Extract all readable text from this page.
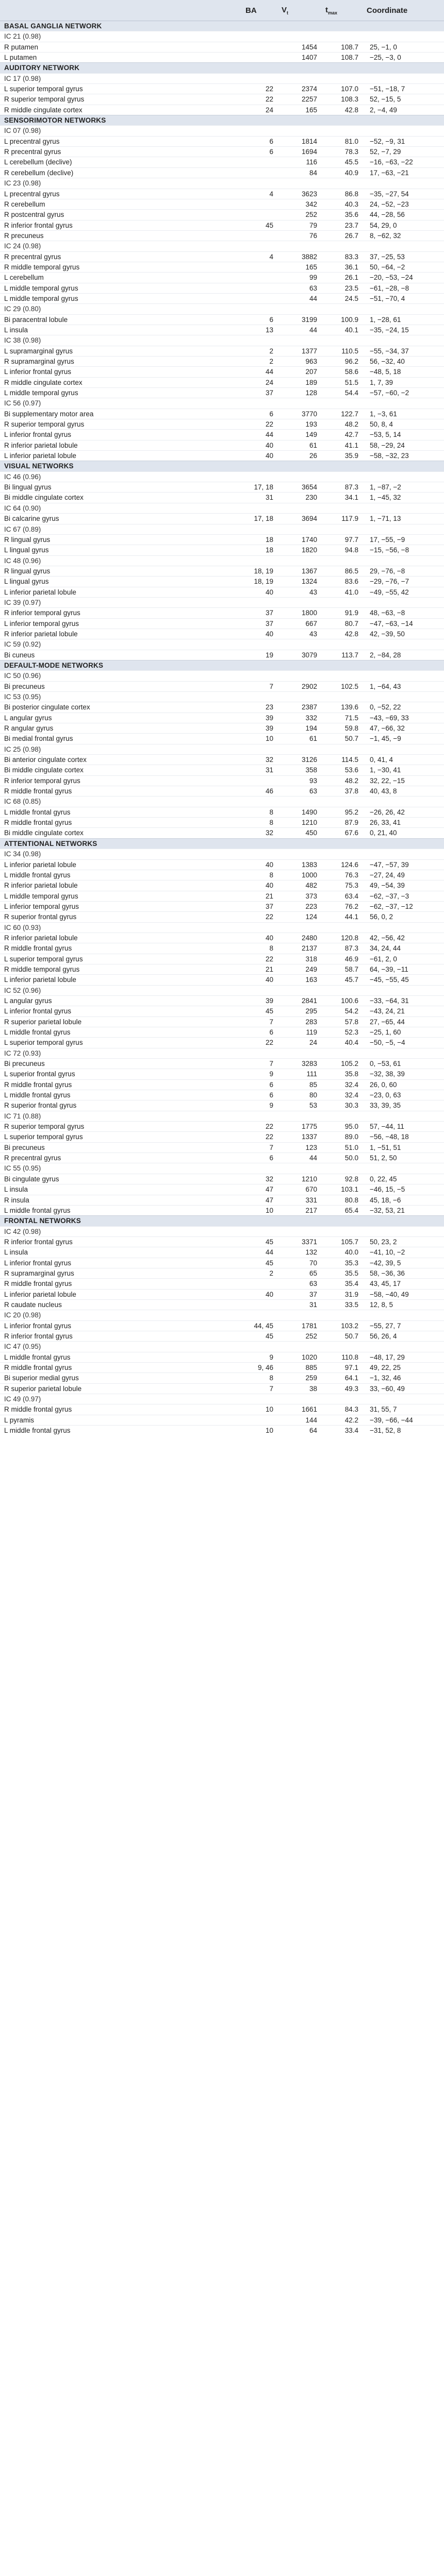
	BA	$V_t$	$t_{max}$	Coordinate
BASAL GANGLIA NETWORK				
IC 21 (0.98)				
R putamen		1454	108.7	25, −1, 0
L putamen		1407	108.7	−25, −3, 0
AUDITORY NETWORK				
IC 17 (0.98)				
L superior temporal gyrus	22	2374	107.0	−51, −18, 7
R superior temporal gyrus	22	2257	108.3	52, −15, 5
R middle cingulate cortex	24	165	42.8	2, −4, 49
SENSORIMOTOR NETWORKS				
IC 07 (0.98)				
L precentral gyrus	6	1814	81.0	−52, −9, 31
R precentral gyrus	6	1694	78.3	52, −7, 29
L cerebellum (declive)		116	45.5	−16, −63, −22
R cerebellum (declive)		84	40.9	17, −63, −21
IC 23 (0.98)				
L precentral gyrus	4	3623	86.8	−35, −27, 54
R cerebellum		342	40.3	24, −52, −23
R postcentral gyrus		252	35.6	44, −28, 56
R inferior frontal gyrus	45	79	23.7	54, 29, 0
R precuneus		76	26.7	8, −62, 32
IC 24 (0.98)				
R precentral gyrus	4	3882	83.3	37, −25, 53
R middle temporal gyrus		165	36.1	50, −64, −2
L cerebellum		99	26.1	−20, −53, −24
L middle temporal gyrus		63	23.5	−61, −28, −8
L middle temporal gyrus		44	24.5	−51, −70, 4
IC 29 (0.80)				
Bi paracentral lobule	6	3199	100.9	1, −28, 61
L insula	13	44	40.1	−35, −24, 15
IC 38 (0.98)				
L supramarginal gyrus	2	1377	110.5	−55, −34, 37
R supramarginal gyrus	2	963	96.2	56, −32, 40
L inferior frontal gyrus	44	207	58.6	−48, 5, 18
R middle cingulate cortex	24	189	51.5	1, 7, 39
L middle temporal gyrus	37	128	54.4	−57, −60, −2
IC 56 (0.97)				
Bi supplementary motor area	6	3770	122.7	1, −3, 61
R superior temporal gyrus	22	193	48.2	50, 8, 4
L inferior frontal gyrus	44	149	42.7	−53, 5, 14
R inferior parietal lobule	40	61	41.1	58, −29, 24
L inferior parietal lobule	40	26	35.9	−58, −32, 23
VISUAL NETWORKS				
IC 46 (0.96)				
Bi lingual gyrus	17, 18	3654	87.3	1, −87, −2
Bi middle cingulate cortex	31	230	34.1	1, −45, 32
IC 64 (0.90)				
Bi calcarine gyrus	17, 18	3694	117.9	1, −71, 13
IC 67 (0.89)				
R lingual gyrus	18	1740	97.7	17, −55, −9
L lingual gyrus	18	1820	94.8	−15, −56, −8
IC 48 (0.96)				
R lingual gyrus	18, 19	1367	86.5	29, −76, −8
L lingual gyrus	18, 19	1324	83.6	−29, −76, −7
L inferior parietal lobule	40	43	41.0	−49, −55, 42
IC 39 (0.97)				
R inferior temporal gyrus	37	1800	91.9	48, −63, −8
L inferior temporal gyrus	37	667	80.7	−47, −63, −14
R inferior parietal lobule	40	43	42.8	42, −39, 50
IC 59 (0.92)				
Bi cuneus	19	3079	113.7	2, −84, 28
DEFAULT-MODE NETWORKS				
IC 50 (0.96)				
Bi precuneus	7	2902	102.5	1, −64, 43
IC 53 (0.95)				
Bi posterior cingulate cortex	23	2387	139.6	0, −52, 22
L angular gyrus	39	332	71.5	−43, −69, 33
R angular gyrus	39	194	59.8	47, −66, 32
Bi medial frontal gyrus	10	61	50.7	−1, 45, −9
IC 25 (0.98)				
Bi anterior cingulate cortex	32	3126	114.5	0, 41, 4
Bi middle cingulate cortex	31	358	53.6	1, −30, 41
R inferior temporal gyrus		93	48.2	32, 22, −15
R middle frontal gyrus	46	63	37.8	40, 43, 8
IC 68 (0.85)				
L middle frontal gyrus	8	1490	95.2	−26, 26, 42
R middle frontal gyrus	8	1210	87.9	26, 33, 41
Bi middle cingulate cortex	32	450	67.6	0, 21, 40
ATTENTIONAL NETWORKS				
IC 34 (0.98)				
L inferior parietal lobule	40	1383	124.6	−47, −57, 39
L middle frontal gyrus	8	1000	76.3	−27, 24, 49
R inferior parietal lobule	40	482	75.3	49, −54, 39
L middle temporal gyrus	21	373	63.4	−62, −37, −3
L inferior temporal gyrus	37	223	76.2	−62, −37, −12
R superior frontal gyrus	22	124	44.1	56, 0, 2
IC 60 (0.93)				
R inferior parietal lobule	40	2480	120.8	42, −56, 42
R middle frontal gyrus	8	2137	87.3	34, 24, 44
L superior temporal gyrus	22	318	46.9	−61, 2, 0
R middle temporal gyrus	21	249	58.7	64, −39, −11
L inferior parietal lobule	40	163	45.7	−45, −55, 45
IC 52 (0.96)				
L angular gyrus	39	2841	100.6	−33, −64, 31
L inferior frontal gyrus	45	295	54.2	−43, 24, 21
R superior parietal lobule	7	283	57.8	27, −65, 44
L middle frontal gyrus	6	119	52.3	−25, 1, 60
L superior temporal gyrus	22	24	40.4	−50, −5, −4
IC 72 (0.93)				
Bi precuneus	7	3283	105.2	0, −53, 61
L superior frontal gyrus	9	111	35.8	−32, 38, 39
R middle frontal gyrus	6	85	32.4	26, 0, 60
L middle frontal gyrus	6	80	32.4	−23, 0, 63
R superior frontal gyrus	9	53	30.3	33, 39, 35
IC 71 (0.88)				
R superior temporal gyrus	22	1775	95.0	57, −44, 11
L superior temporal gyrus	22	1337	89.0	−56, −48, 18
Bi precuneus	7	123	51.0	1, −51, 51
R precentral gyrus	6	44	50.0	51, 2, 50
IC 55 (0.95)				
Bi cingulate gyrus	32	1210	92.8	0, 22, 45
L insula	47	670	103.1	−46, 15, −5
R insula	47	331	80.8	45, 18, −6
L middle frontal gyrus	10	217	65.4	−32, 53, 21
FRONTAL NETWORKS				
IC 42 (0.98)				
R inferior frontal gyrus	45	3371	105.7	50, 23, 2
L insula	44	132	40.0	−41, 10, −2
L inferior frontal gyrus	45	70	35.3	−42, 39, 5
R supramarginal gyrus	2	65	35.5	58, −36, 36
R middle frontal gyrus		63	35.4	43, 45, 17
L inferior parietal lobule	40	37	31.9	−58, −40, 49
R caudate nucleus		31	33.5	12, 8, 5
IC 20 (0.98)				
L inferior frontal gyrus	44, 45	1781	103.2	−55, 27, 7
R inferior frontal gyrus	45	252	50.7	56, 26, 4
IC 47 (0.95)				
L middle frontal gyrus	9	1020	110.8	−48, 17, 29
R middle frontal gyrus	9, 46	885	97.1	49, 22, 25
Bi superior medial gyrus	8	259	64.1	−1, 32, 46
R superior parietal lobule	7	38	49.3	33, −60, 49
IC 49 (0.97)				
R middle frontal gyrus	10	1661	84.3	31, 55, 7
L pyramis		144	42.2	−39, −66, −44
L middle frontal gyrus	10	64	33.4	−31, 52, 8
